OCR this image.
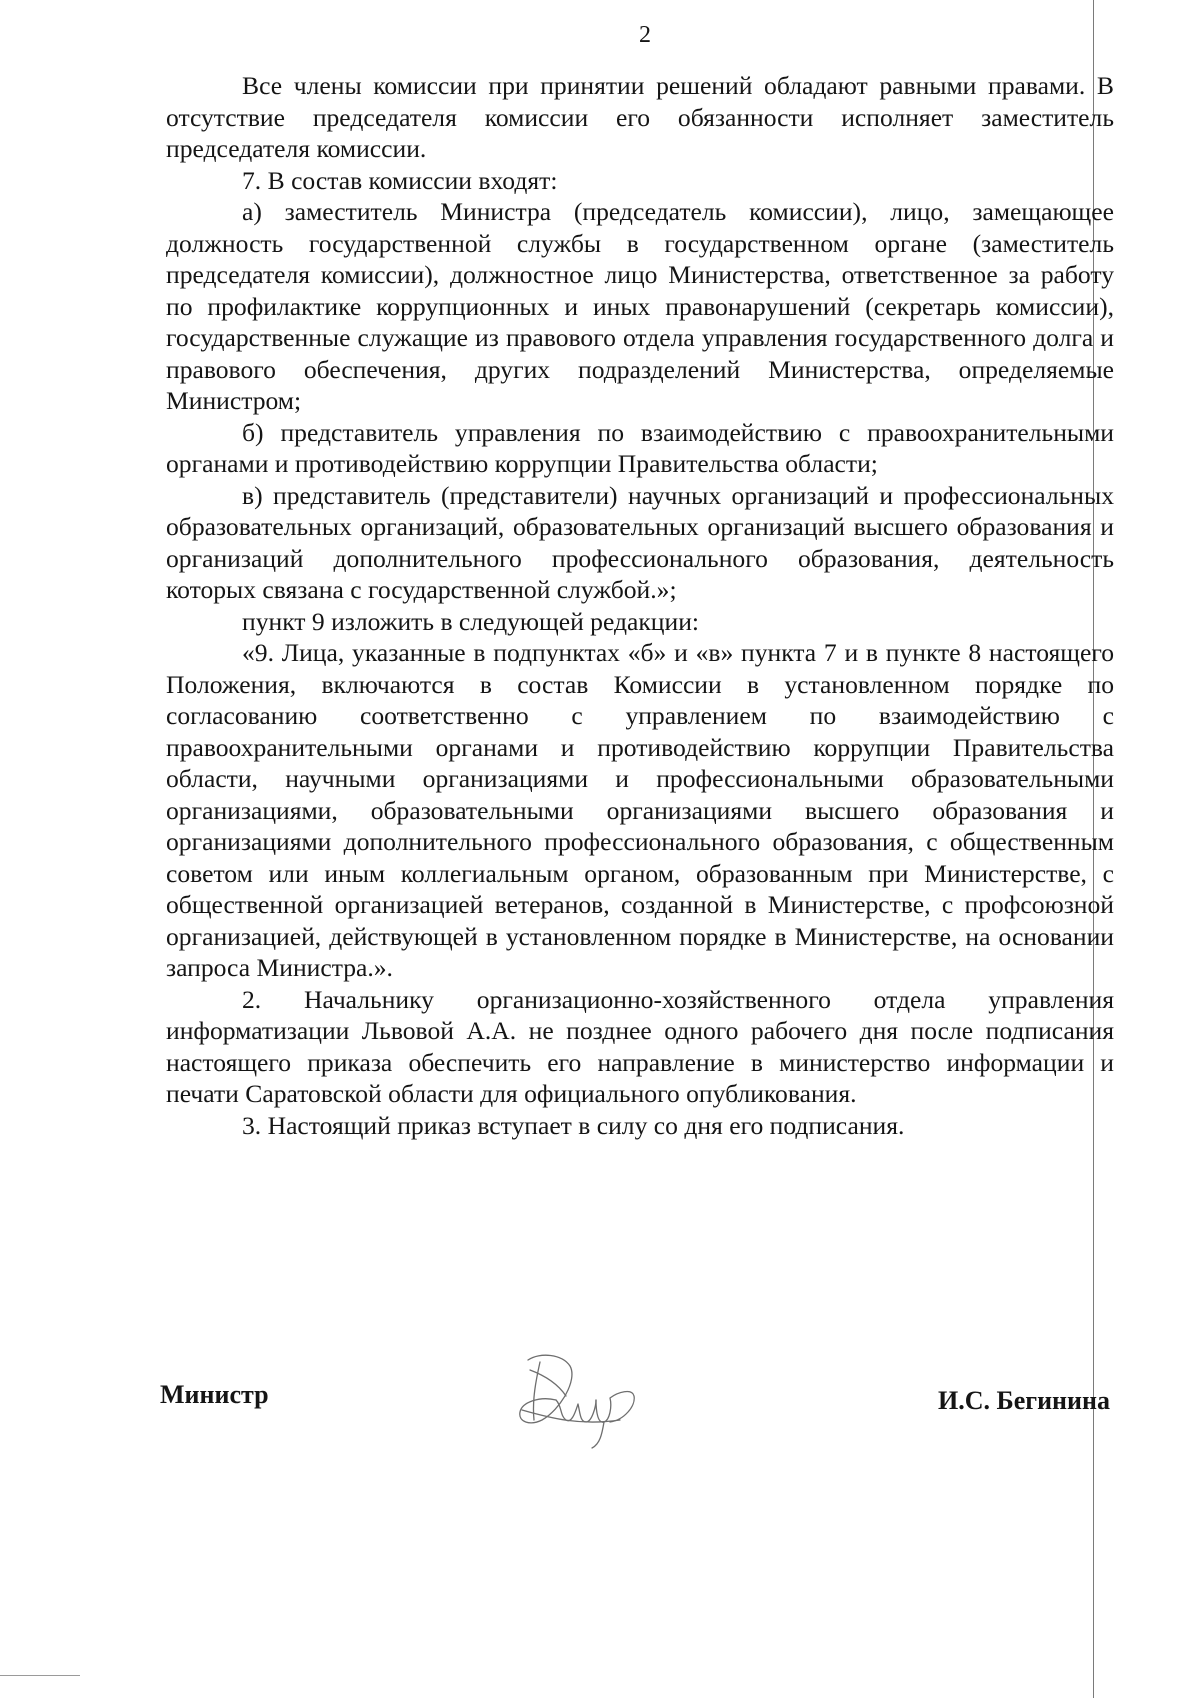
2

Все члены комиссии при принятии решений обладают равными правами. В отсутствие председателя комиссии его обязанности исполняет заместитель председателя комиссии.

7. В состав комиссии входят:

а) заместитель Министра (председатель комиссии), лицо, замещающее должность государственной службы в государственном органе (заместитель председателя комиссии), должностное лицо Министерства, ответственное за работу по профилактике коррупционных и иных правонарушений (секретарь комиссии), государственные служащие из правового отдела управления государственного долга и правового обеспечения, других подразделений Министерства, определяемые Министром;

б) представитель управления по взаимодействию с правоохранительными органами и противодействию коррупции Правительства области;

в) представитель (представители) научных организаций и профессиональных образовательных организаций, образовательных организаций высшего образования и организаций дополнительного профессионального образования, деятельность которых связана с государственной службой.»;

пункт 9 изложить в следующей редакции:

«9. Лица, указанные в подпунктах «б» и «в» пункта 7 и в пункте 8 настоящего Положения, включаются в состав Комиссии в установленном порядке по согласованию соответственно с управлением по взаимодействию с правоохранительными органами и противодействию коррупции Правительства области, научными организациями и профессиональными образовательными организациями, образовательными организациями высшего образования и организациями дополнительного профессионального образования, с общественным советом или иным коллегиальным органом, образованным при Министерстве, с общественной организацией ветеранов, созданной в Министерстве, с профсоюзной организацией, действующей в установленном порядке в Министерстве, на основании запроса Министра.».

2. Начальнику организационно-хозяйственного отдела управления информатизации Львовой А.А. не позднее одного рабочего дня после подписания настоящего приказа обеспечить его направление в министерство информации и печати Саратовской области для официального опубликования.

3. Настоящий приказ вступает в силу со дня его подписания.

Министр	И.С. Бегинина
